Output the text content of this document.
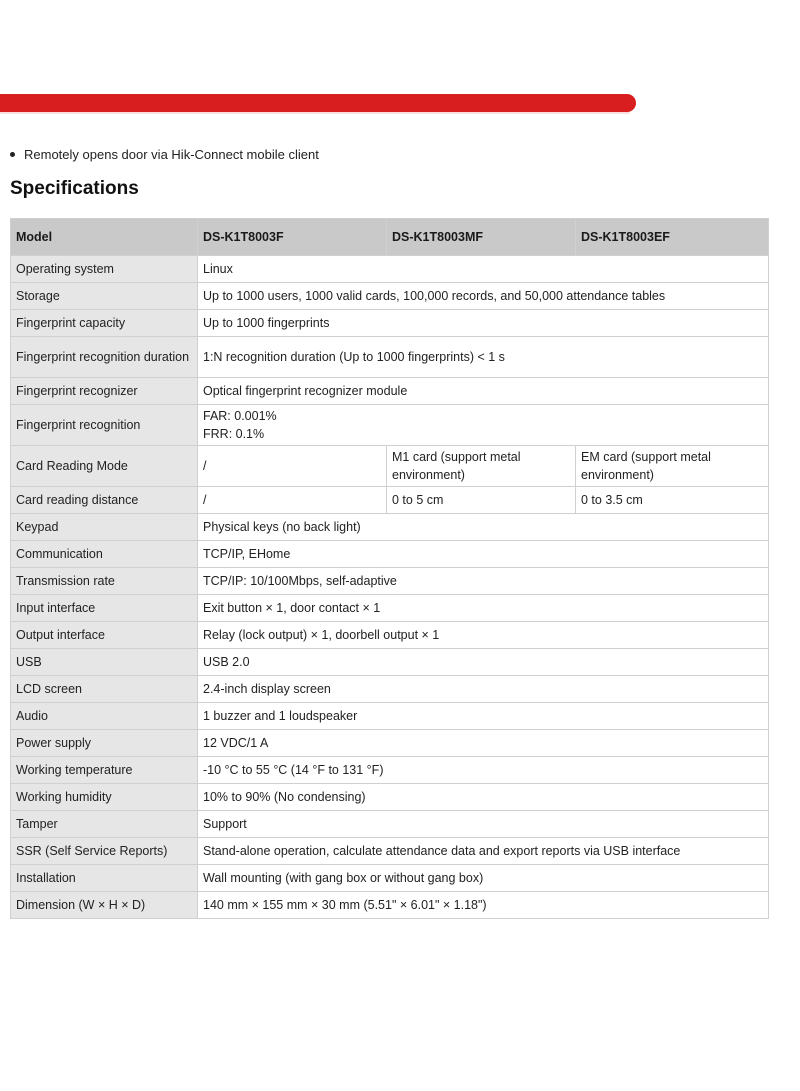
Remotely opens door via Hik-Connect mobile client
Specifications
Model	DS-K1T8003F	DS-K1T8003MF	DS-K1T8003EF
Operating system	Linux		
Storage	Up to 1000 users, 1000 valid cards, 100,000 records, and 50,000 attendance tables		
Fingerprint capacity	Up to 1000 fingerprints		
Fingerprint recognition duration	1:N recognition duration (Up to 1000 fingerprints) < 1 s		
Fingerprint recognizer	Optical fingerprint recognizer module		
Fingerprint recognition	FAR: 0.001%
FRR: 0.1%		

Card Reading Mode	/	M1 card (support metal environment)	EM card (support metal environment)
Card reading distance	/	0 to 5 cm	0 to 3.5 cm
Keypad	Physical keys (no back light)		
Communication	TCP/IP, EHome		
Transmission rate	TCP/IP: 10/100Mbps, self-adaptive		
Input interface	Exit button × 1, door contact × 1		
Output interface	Relay (lock output) × 1, doorbell output × 1		
USB	USB 2.0		
LCD screen	2.4-inch display screen		
Audio	1 buzzer and 1 loudspeaker		
Power supply	12 VDC/1 A		
Working temperature	-10 °C to 55 °C (14 °F to 131 °F)		
Working humidity	10% to 90% (No condensing)		
Tamper	Support		
SSR (Self Service Reports)	Stand-alone operation, calculate attendance data and export reports via USB interface		
Installation	Wall mounting (with gang box or without gang box)		
Dimension (W × H × D)	140 mm × 155 mm × 30 mm (5.51" × 6.01" × 1.18")		
